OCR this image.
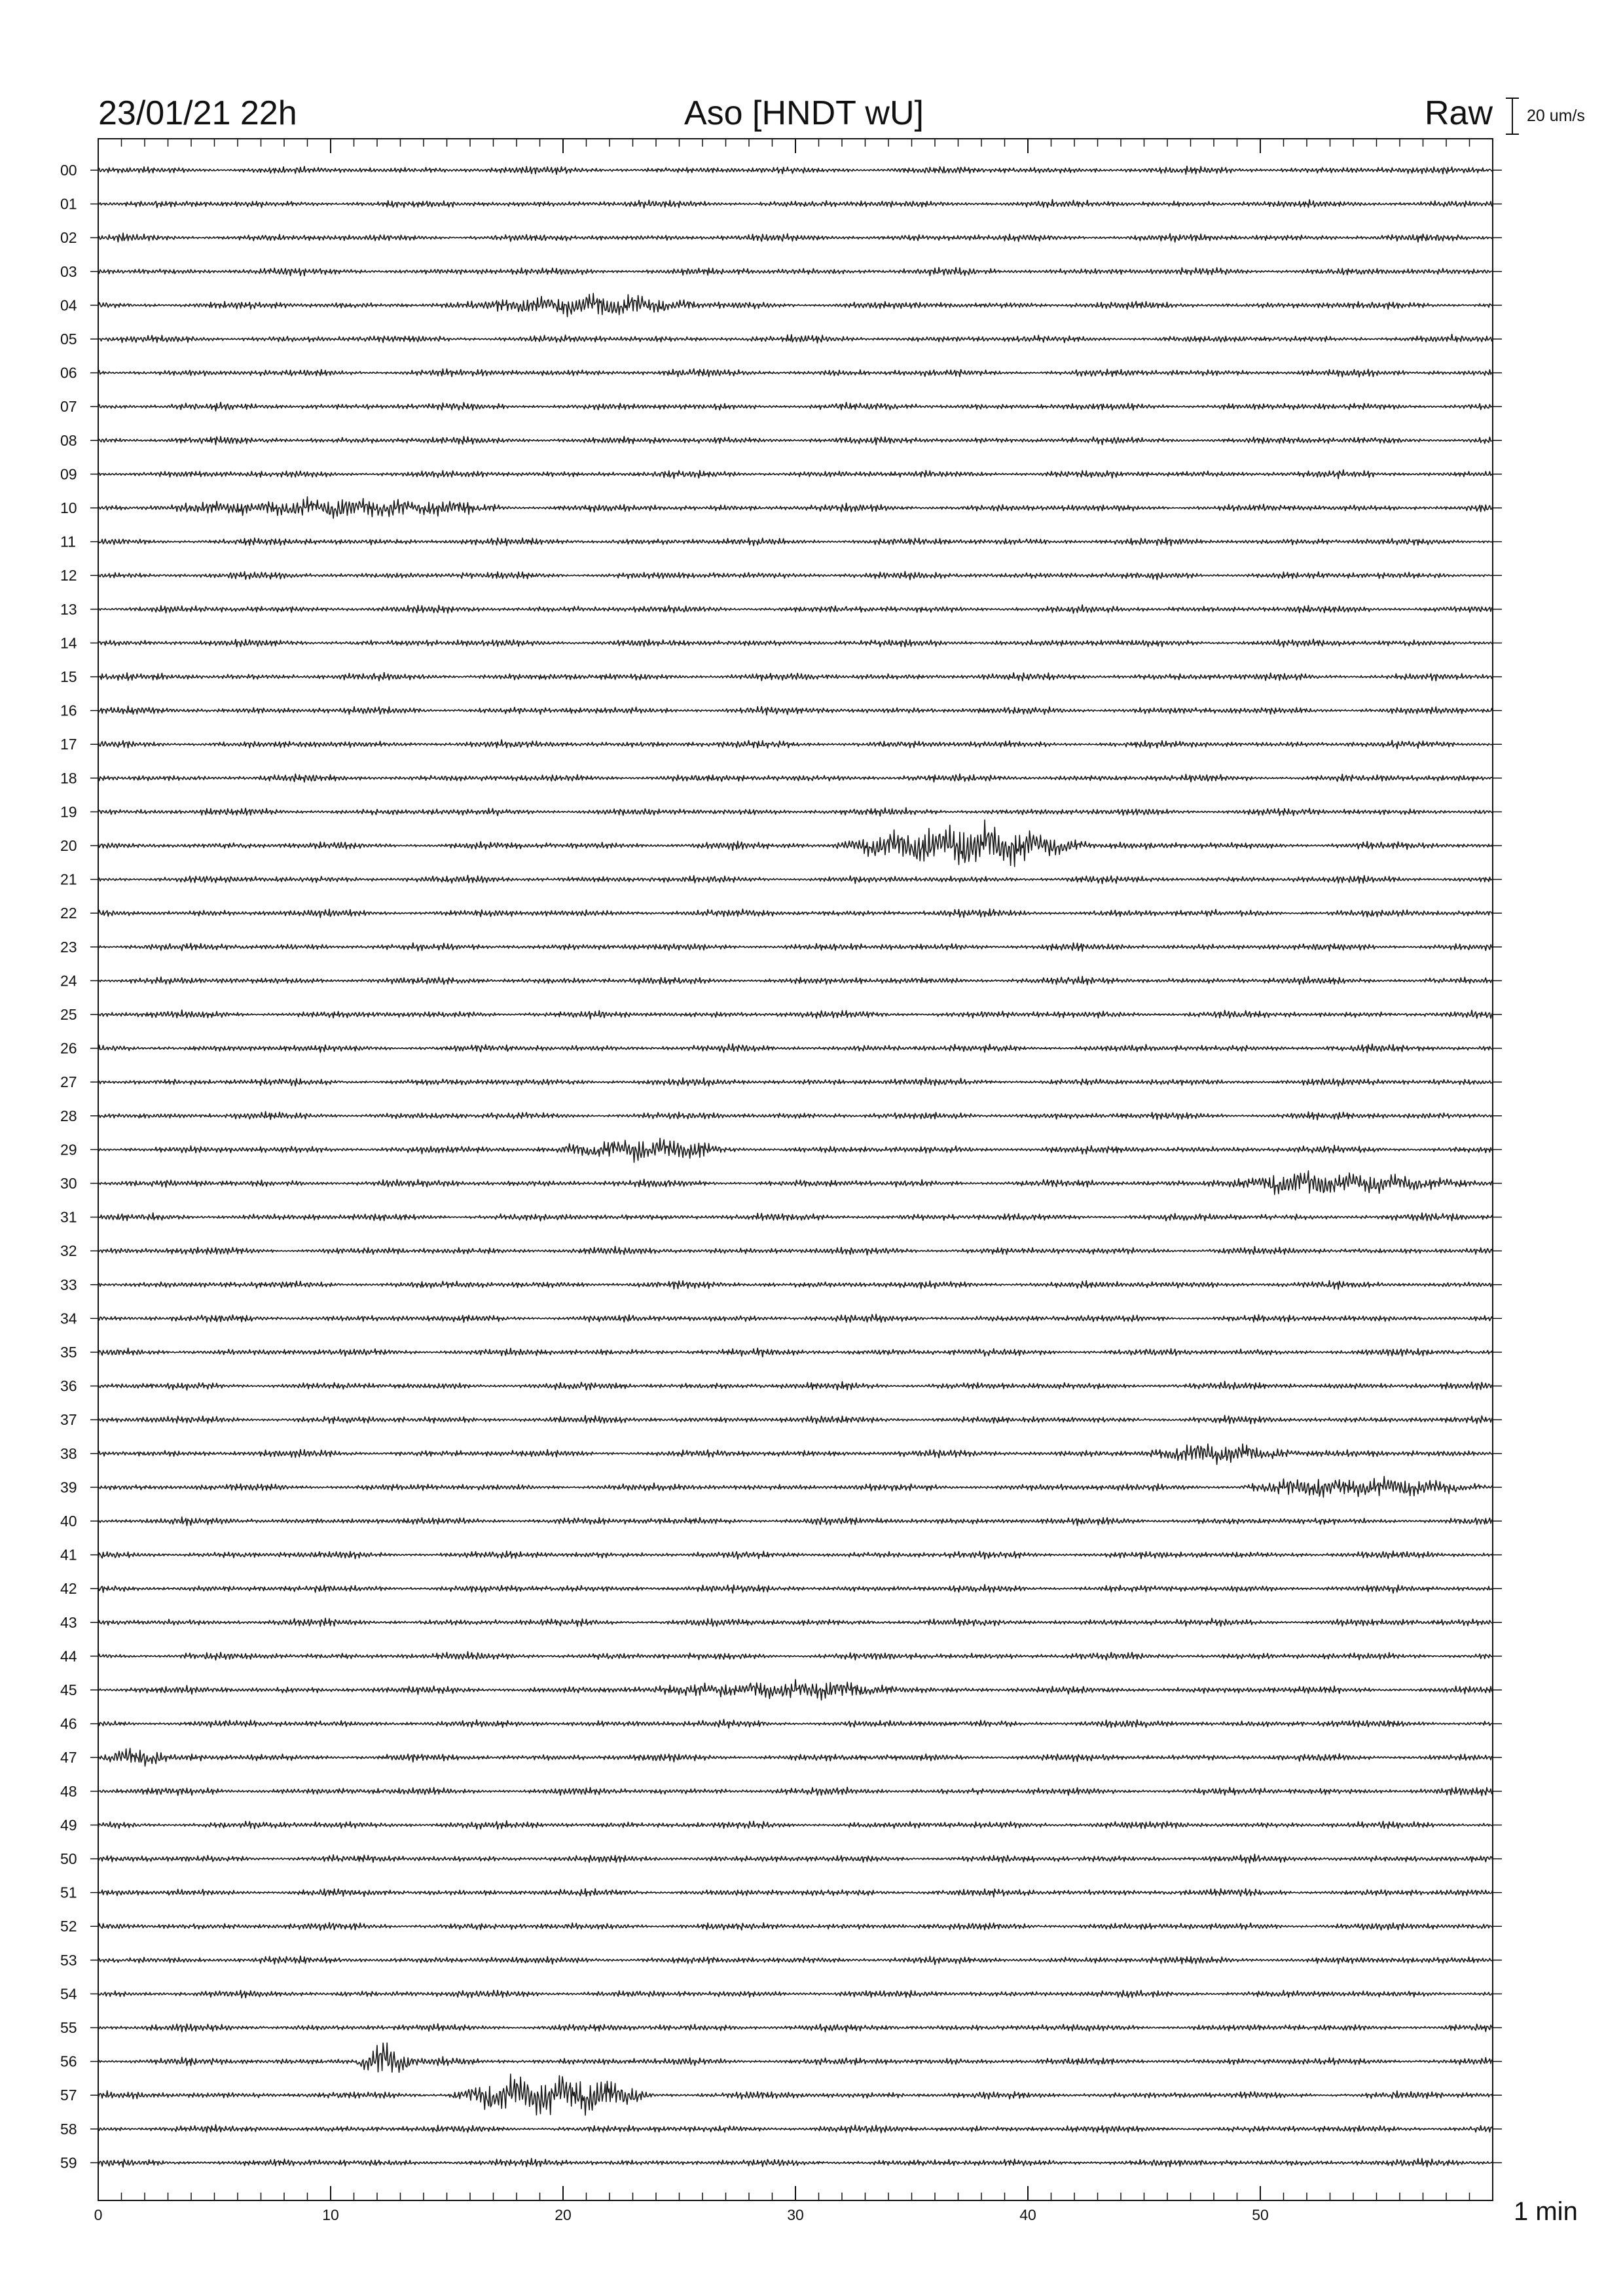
23/01/21 22h	Aso [HNDT wU]	Raw 20 um/s
00
01
02
03
04
05
06
07
08
09
10
11
12
13
14
15
16
17
18
19
20
21
22
23
24
25
26
27
28
29
30
31
32
33
34
35
36
37
38
39
40
41
42
43
44
45
46
47
48
49
50
51
52
53
54
55
56
57
58
59
0	10	20	30	40	50	1 min
